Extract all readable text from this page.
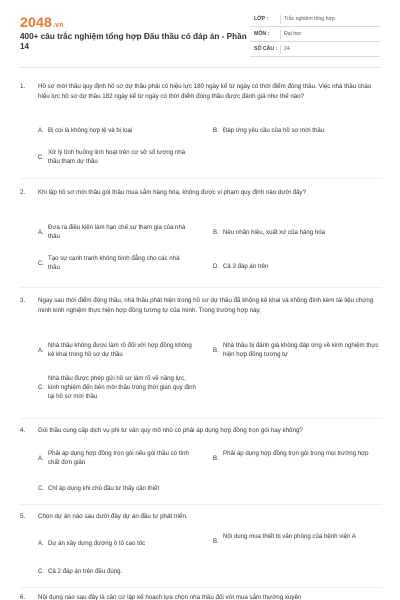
2048.vn
400+ câu trắc nghiệm tổng hợp Đấu thầu có đáp án - Phần 14
LỚP :	Trắc nghiệm tổng hợp
MÔN :	Đại học
SỐ CÂU : 24
1.	Hồ sơ mời thầu quy định hồ sơ dự thầu phải có hiệu lực 180 ngày kể từ ngày có thời điểm đóng thầu. Việc nhà thầu chào hiệu lực hồ sơ dự thầu 182 ngày kể từ ngày có thời điểm đóng thầu được đánh giá như thế nào?
A. Bị coi là không hợp lệ và bị loại	B. Đáp ứng yêu cầu của hồ sơ mời thầu
C.
Xử lý tình huống linh hoạt trên cơ sở số lượng nhà thầu tham dự thầu
2.	Khi lập hồ sơ mời thầu gói thầu mua sắm hàng hóa, không được vi phạm quy định nào dưới đây?
A.
Đưa ra điều kiện làm hạn chế sự tham gia của nhà thầu
B. Nêu nhãn hiệu, xuất xứ của hàng hóa
C.
Tạo sự cạnh tranh không bình đẳng cho các nhà thầu	D. Cả 3 đáp án trên
3.	Ngay sau thời điểm đóng thầu, nhà thầu phát hiện trong hồ sơ dự thầu đã không kê khai và không đính kèm tài liệu chứng minh kinh nghiệm thực hiện hợp đồng tương tự của mình. Trong trường hợp này,
A.
Nhà thầu không được làm rõ đối với hợp đồng không kê khai trong hồ sơ dự thầu
B.
Nhà thầu bị đánh giá không đáp ứng về kinh nghiệm thực hiện hợp đồng tương tự
C.
Nhà thầu được phép gửi hồ sơ làm rõ về năng lực, kinh nghiệm đến bên mời thầu trong thời gian quy định tại hồ sơ mời thầu
4.	Gói thầu cung cấp dịch vụ phi tư vấn quy mô nhỏ có phải áp dụng hợp đồng trọn gói hay không?
A.
Phải áp dụng hợp đồng trọn gói nếu gói thầu có tính chất đơn giản
B.
Phải áp dụng hợp đồng trọn gói trong mọi trường hợp
C. Chỉ áp dụng khi chủ đầu tư thấy cần thiết
5.	Chọn dự án nào sau dưới đây dự án đầu tư phát triển.
A. Dự án xây dựng đường ô tô cao tốc	B.
Nội dung mua thiết bị văn phòng của bệnh viện A
C. Cả 2 đáp án trên đều đúng.
6.	Nội dung nào sau đây là căn cứ lập kế hoạch lựa chọn nhà thầu đối với mua sắm thường xuyên
